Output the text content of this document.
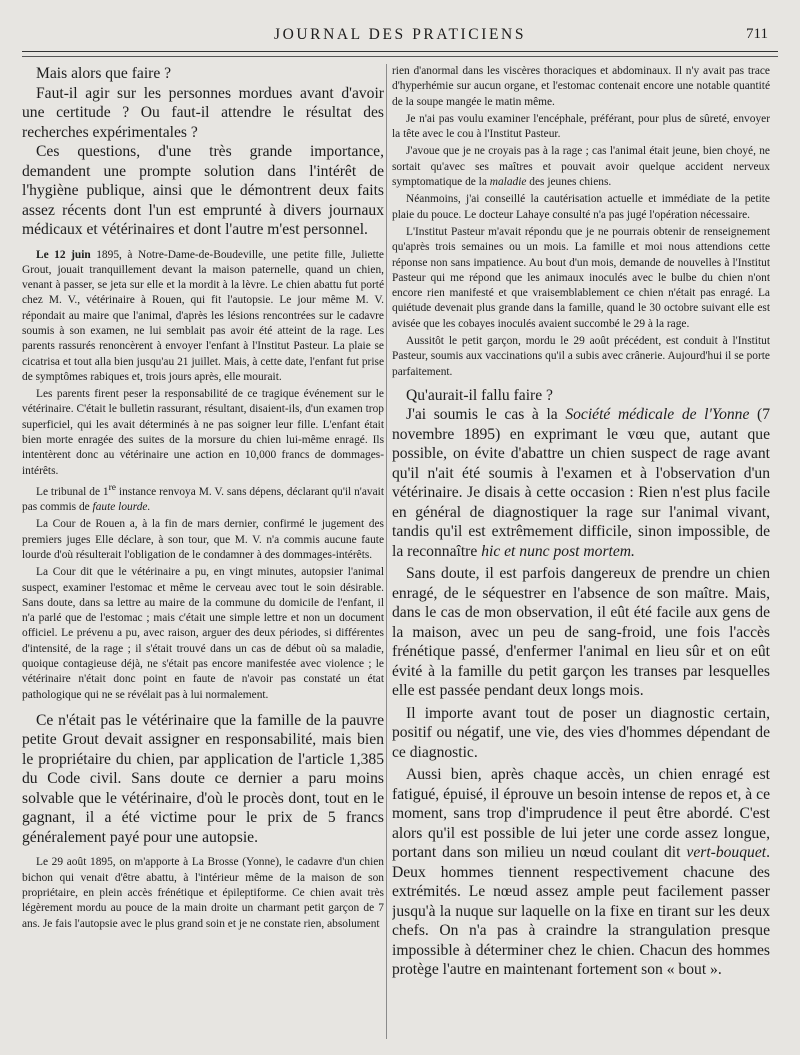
JOURNAL DES PRATICIENS	711

Mais alors que faire ?

Faut-il agir sur les personnes mordues avant d'avoir une certitude ? Ou faut-il attendre le résultat des recherches expérimentales ?

Ces questions, d'une très grande importance, demandent une prompte solution dans l'intérêt de l'hygiène publique, ainsi que le démontrent deux faits assez récents dont l'un est emprunté à divers journaux médicaux et vétérinaires et dont l'autre m'est personnel.

Le 12 juin 1895, à Notre-Dame-de-Boudeville, une petite fille, Juliette Grout, jouait tranquillement devant la maison paternelle, quand un chien, venant à passer, se jeta sur elle et la mordit à la lèvre. Le chien abattu fut porté chez M. V., vétérinaire à Rouen, qui fit l'autopsie. Le jour même M. V. répondait au maire que l'animal, d'après les lésions rencontrées sur le cadavre soumis à son examen, ne lui semblait pas avoir été atteint de la rage. Les parents rassurés renoncèrent à envoyer l'enfant à l'Institut Pasteur. La plaie se cicatrisa et tout alla bien jusqu'au 21 juillet. Mais, à cette date, l'enfant fut prise de symptômes rabiques et, trois jours après, elle mourait.

Les parents firent peser la responsabilité de ce tragique événement sur le vétérinaire. C'était le bulletin rassurant, résultant, disaient-ils, d'un examen trop superficiel, qui les avait déterminés à ne pas soigner leur fille. L'enfant était bien morte enragée des suites de la morsure du chien lui-même enragé. Ils intentèrent donc au vétérinaire une action en 10,000 francs de dommages-intérêts.

Le tribunal de 1re instance renvoya M. V. sans dépens, déclarant qu'il n'avait pas commis de faute lourde.

La Cour de Rouen a, à la fin de mars dernier, confirmé le jugement des premiers juges Elle déclare, à son tour, que M. V. n'a commis aucune faute lourde d'où résulterait l'obligation de le condamner à des dommages-intérêts.

La Cour dit que le vétérinaire a pu, en vingt minutes, autopsier l'animal suspect, examiner l'estomac et même le cerveau avec tout le soin désirable. Sans doute, dans sa lettre au maire de la commune du domicile de l'enfant, il n'a parlé que de l'estomac ; mais c'était une simple lettre et non un document officiel. Le prévenu a pu, avec raison, arguer des deux périodes, si différentes d'intensité, de la rage ; il s'était trouvé dans un cas de début où sa maladie, quoique contagieuse déjà, ne s'était pas encore manifestée avec violence ; le vétérinaire n'était donc point en faute de n'avoir pas constaté un état pathologique qui ne se révélait pas à lui normalement.

Ce n'était pas le vétérinaire que la famille de la pauvre petite Grout devait assigner en responsabilité, mais bien le propriétaire du chien, par application de l'article 1,385 du Code civil. Sans doute ce dernier a paru moins solvable que le vétérinaire, d'où le procès dont, tout en le gagnant, il a été victime pour le prix de 5 francs généralement payé pour une autopsie.

Le 29 août 1895, on m'apporte à La Brosse (Yonne), le cadavre d'un chien bichon qui venait d'être abattu, à l'intérieur même de la maison de son propriétaire, en plein accès frénétique et épileptiforme. Ce chien avait très légèrement mordu au pouce de la main droite un charmant petit garçon de 7 ans. Je fais l'autopsie avec le plus grand soin et je ne constate rien, absolument

rien d'anormal dans les viscères thoraciques et abdominaux. Il n'y avait pas trace d'hyperhémie sur aucun organe, et l'estomac contenait encore une notable quantité de la soupe mangée le matin même.

Je n'ai pas voulu examiner l'encéphale, préférant, pour plus de sûreté, envoyer la tête avec le cou à l'Institut Pasteur.

J'avoue que je ne croyais pas à la rage ; cas l'animal était jeune, bien choyé, ne sortait qu'avec ses maîtres et pouvait avoir quelque accident nerveux symptomatique de la maladie des jeunes chiens.

Néanmoins, j'ai conseillé la cautérisation actuelle et immédiate de la petite plaie du pouce. Le docteur Lahaye consulté n'a pas jugé l'opération nécessaire.

L'Institut Pasteur m'avait répondu que je ne pourrais obtenir de renseignement qu'après trois semaines ou un mois. La famille et moi nous attendions cette réponse non sans impatience. Au bout d'un mois, demande de nouvelles à l'Institut Pasteur qui me répond que les animaux inoculés avec le bulbe du chien n'ont encore rien manifesté et que vraisemblablement ce chien n'était pas enragé. La quiétude devenait plus grande dans la famille, quand le 30 octobre suivant elle est avisée que les cobayes inoculés avaient succombé le 29 à la rage.

Aussitôt le petit garçon, mordu le 29 août précédent, est conduit à l'Institut Pasteur, soumis aux vaccinations qu'il a subis avec crânerie. Aujourd'hui il se porte parfaitement.

Qu'aurait-il fallu faire ?

J'ai soumis le cas à la Société médicale de l'Yonne (7 novembre 1895) en exprimant le vœu que, autant que possible, on évite d'abattre un chien suspect de rage avant qu'il n'ait été soumis à l'examen et à l'observation d'un vétérinaire. Je disais à cette occasion : Rien n'est plus facile en général de diagnostiquer la rage sur l'animal vivant, tandis qu'il est extrêmement difficile, sinon impossible, de la reconnaître hic et nunc post mortem.

Sans doute, il est parfois dangereux de prendre un chien enragé, de le séquestrer en l'absence de son maître. Mais, dans le cas de mon observation, il eût été facile aux gens de la maison, avec un peu de sang-froid, une fois l'accès frénétique passé, d'enfermer l'animal en lieu sûr et on eût évité à la famille du petit garçon les transes par lesquelles elle est passée pendant deux longs mois.

Il importe avant tout de poser un diagnostic certain, positif ou négatif, une vie, des vies d'hommes dépendant de ce diagnostic.

Aussi bien, après chaque accès, un chien enragé est fatigué, épuisé, il éprouve un besoin intense de repos et, à ce moment, sans trop d'imprudence il peut être abordé. C'est alors qu'il est possible de lui jeter une corde assez longue, portant dans son milieu un nœud coulant dit vert-bouquet. Deux hommes tiennent respectivement chacune des extrémités. Le nœud assez ample peut facilement passer jusqu'à la nuque sur laquelle on la fixe en tirant sur les deux chefs. On n'a pas à craindre la strangulation presque impossible à déterminer chez le chien. Chacun des hommes protège l'autre en maintenant fortement son « bout ».
